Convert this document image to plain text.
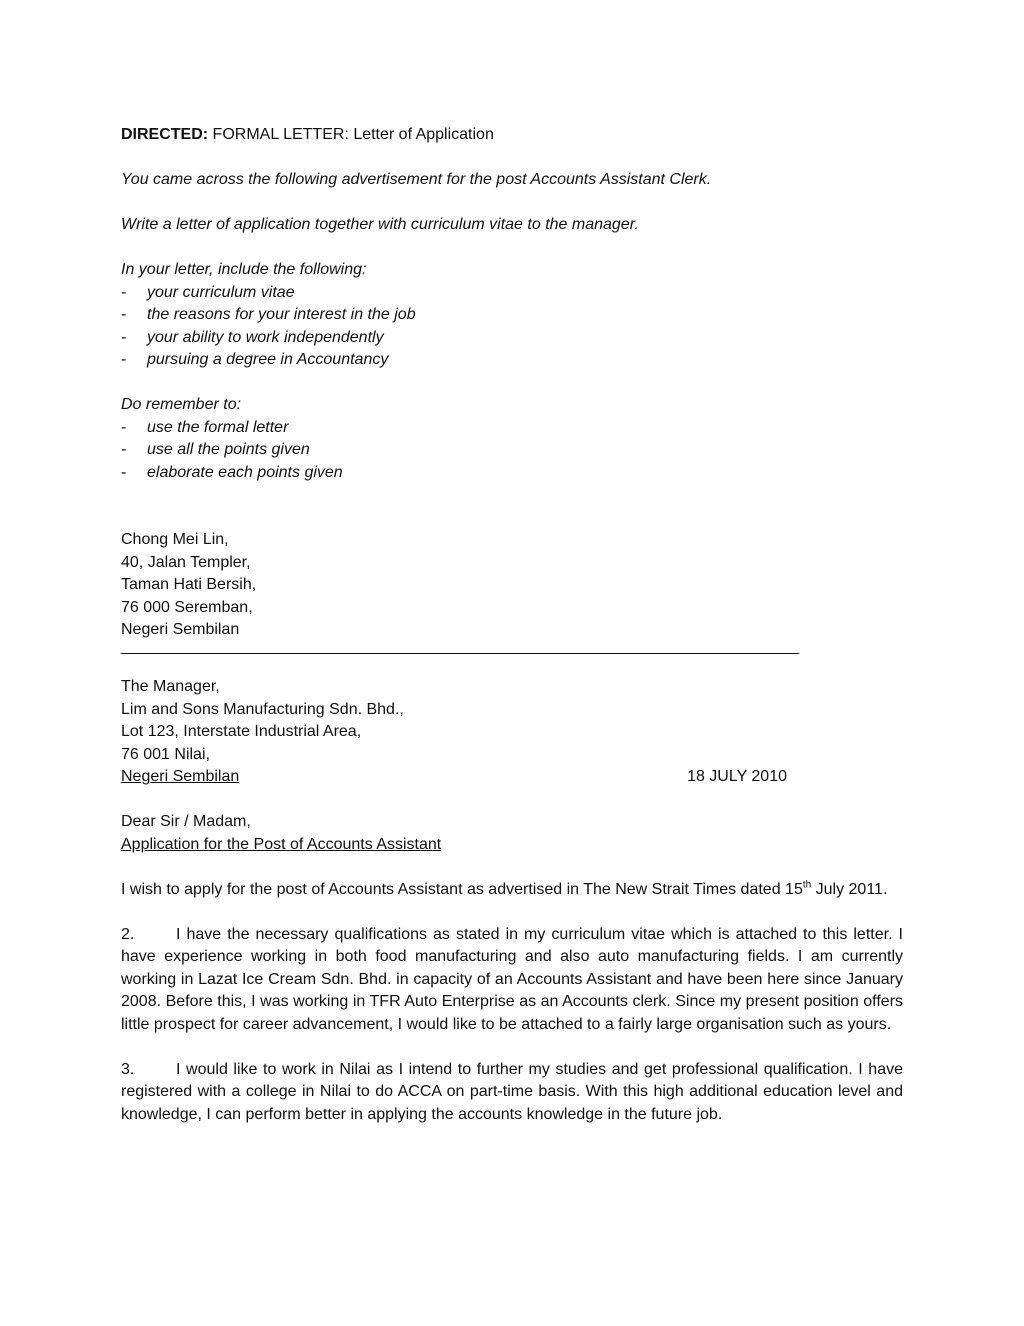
DIRECTED: FORMAL LETTER: Letter of Application

You came across the following advertisement for the post Accounts Assistant Clerk.

Write a letter of application together with curriculum vitae to the manager.

In your letter, include the following:

-	your curriculum vitae
-	the reasons for your interest in the job
-	your ability to work independently
-	pursuing a degree in Accountancy

Do remember to:

-	use the formal letter
-	use all the points given
-	elaborate each points given

Chong Mei Lin,

40, Jalan Templer,

Taman Hati Bersih,

76 000 Seremban,

Negeri Sembilan

The Manager,

Lim and Sons Manufacturing Sdn. Bhd.,

Lot 123, Interstate Industrial Area,

76 001 Nilai,

Negeri Sembilan	18 JULY 2010

Dear Sir / Madam,

Application for the Post of Accounts Assistant

I wish to apply for the post of Accounts Assistant as advertised in The New Strait Times dated 15th July 2011.

2.	I have the necessary qualifications as stated in my curriculum vitae which is attached to this letter. I have experience working in both food manufacturing and also auto manufacturing fields. I am currently working in Lazat Ice Cream Sdn. Bhd. in capacity of an Accounts Assistant and have been here since January 2008. Before this, I was working in TFR Auto Enterprise as an Accounts clerk. Since my present position offers little prospect for career advancement, I would like to be attached to a fairly large organisation such as yours.

3.	I would like to work in Nilai as I intend to further my studies and get professional qualification. I have registered with a college in Nilai to do ACCA on part-time basis. With this high additional education level and knowledge, I can perform better in applying the accounts knowledge in the future job.
